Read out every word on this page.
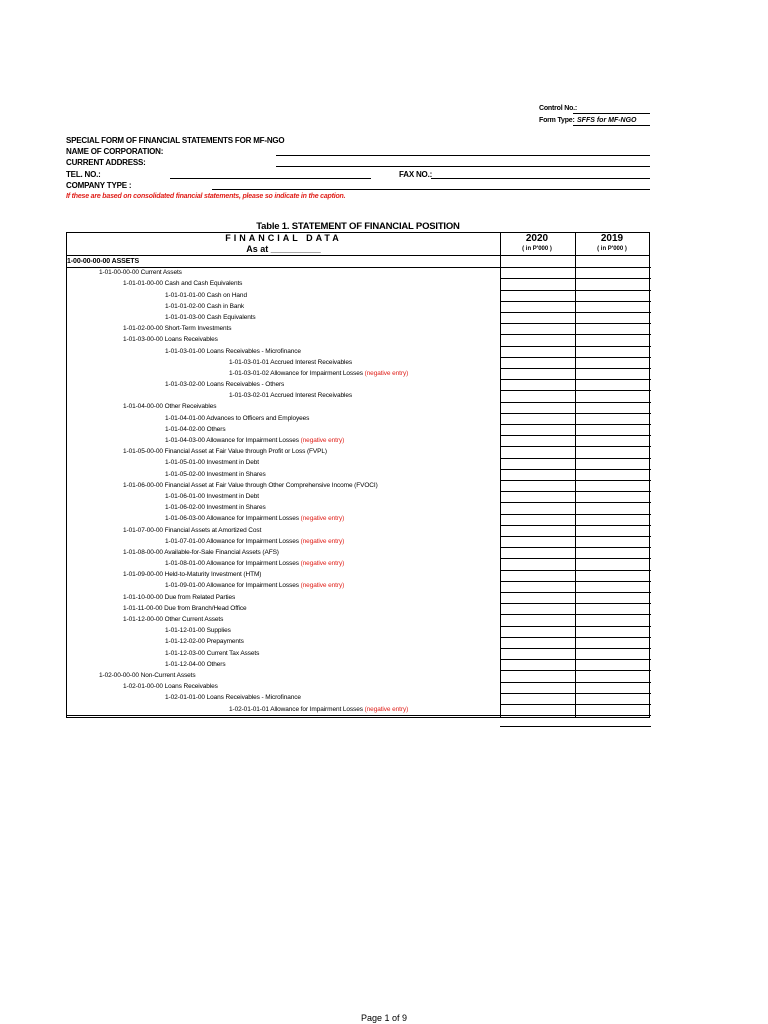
Control No.:
Form Type: SFFS for MF-NGO
SPECIAL FORM OF FINANCIAL STATEMENTS FOR MF-NGO
NAME OF CORPORATION:
CURRENT ADDRESS:
TEL. NO.:	FAX NO.:
COMPANY TYPE :
If these are based on consolidated financial statements, please so indicate in the caption.
Table 1. STATEMENT OF FINANCIAL POSITION
FINANCIAL DATA
As at __________
2020
( in P'000 )
2019
( in P'000 )
1-00-00-00-00 ASSETS
1-01-00-00-00 Current Assets
1-01-01-00-00 Cash and Cash Equivalents
1-01-01-01-00 Cash on Hand
1-01-01-02-00 Cash in Bank
1-01-01-03-00 Cash Equivalents
1-01-02-00-00 Short-Term Investments
1-01-03-00-00 Loans Receivables
1-01-03-01-00 Loans Receivables - Microfinance
1-01-03-01-01 Accrued Interest Receivables
1-01-03-01-02 Allowance for Impairment Losses (negative entry)
1-01-03-02-00 Loans Receivables - Others
1-01-03-02-01 Accrued Interest Receivables
1-01-04-00-00 Other Receivables
1-01-04-01-00 Advances to Officers and Employees
1-01-04-02-00 Others
1-01-04-03-00 Allowance for Impairment Losses (negative entry)
1-01-05-00-00 Financial Asset at Fair Value through Profit or Loss (FVPL)
1-01-05-01-00 Investment in Debt
1-01-05-02-00 Investment in Shares
1-01-06-00-00 Financial Asset at Fair Value through Other Comprehensive Income (FVOCI)
1-01-06-01-00 Investment in Debt
1-01-06-02-00 Investment in Shares
1-01-06-03-00 Allowance for Impairment Losses (negative entry)
1-01-07-00-00 Financial Assets at Amortized Cost
1-01-07-01-00 Allowance for Impairment Losses (negative entry)
1-01-08-00-00 Available-for-Sale Financial Assets (AFS)
1-01-08-01-00 Allowance for Impairment Losses (negative entry)
1-01-09-00-00 Held-to-Maturity Investment (HTM)
1-01-09-01-00 Allowance for Impairment Losses (negative entry)
1-01-10-00-00 Due from Related Parties
1-01-11-00-00 Due from Branch/Head Office
1-01-12-00-00 Other Current Assets
1-01-12-01-00 Supplies
1-01-12-02-00 Prepayments
1-01-12-03-00 Current Tax Assets
1-01-12-04-00 Others
1-02-00-00-00 Non-Current Assets
1-02-01-00-00 Loans Receivables
1-02-01-01-00 Loans Receivables - Microfinance
1-02-01-01-01 Allowance for Impairment Losses (negative entry)
Page 1 of 9
